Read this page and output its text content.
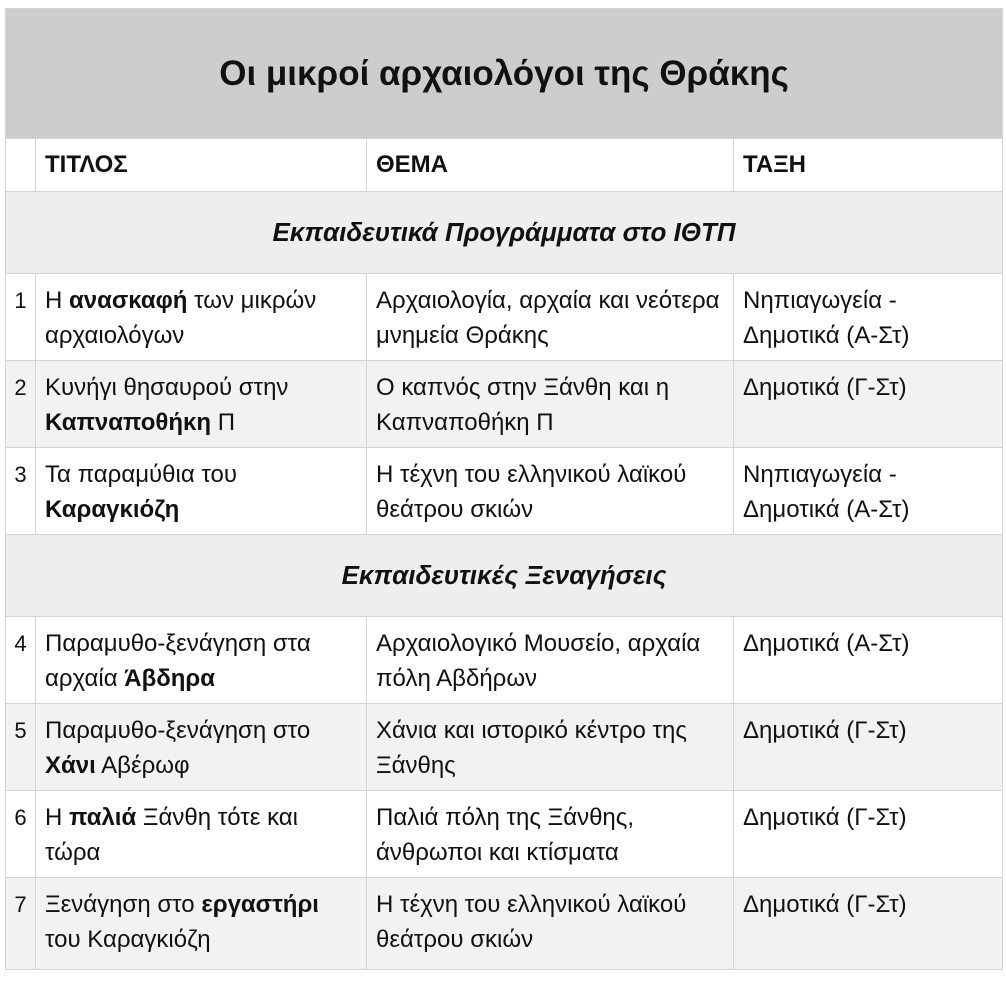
Οι μικροί αρχαιολόγοι της Θράκης			
	ΤΙΤΛΟΣ	ΘΕΜΑ	ΤΑΞΗ
Εκπαιδευτικά Προγράμματα στο ΙΘΤΠ			
1	Η ανασκαφή των μικρών αρχαιολόγων	Αρχαιολογία, αρχαία και νεότερα μνημεία Θράκης	Νηπιαγωγεία - Δημοτικά (Α-Στ)
2	Κυνήγι θησαυρού στην Καπναποθήκη Π	Ο καπνός στην Ξάνθη και η Καπναποθήκη Π	Δημοτικά (Γ-Στ)
3	Τα παραμύθια του Καραγκιόζη	Η τέχνη του ελληνικού λαϊκού θεάτρου σκιών	Νηπιαγωγεία - Δημοτικά (Α-Στ)
Εκπαιδευτικές Ξεναγήσεις			
4	Παραμυθο-ξενάγηση στα αρχαία Άβδηρα	Αρχαιολογικό Μουσείο, αρχαία πόλη Αβδήρων	Δημοτικά (Α-Στ)
5	Παραμυθο-ξενάγηση στο Χάνι Αβέρωφ	Χάνια και ιστορικό κέντρο της Ξάνθης	Δημοτικά (Γ-Στ)
6	Η παλιά Ξάνθη τότε και τώρα	Παλιά πόλη της Ξάνθης, άνθρωποι και κτίσματα	Δημοτικά (Γ-Στ)
7	Ξενάγηση στο εργαστήρι του Καραγκιόζη	Η τέχνη του ελληνικού λαϊκού θεάτρου σκιών	Δημοτικά (Γ-Στ)
